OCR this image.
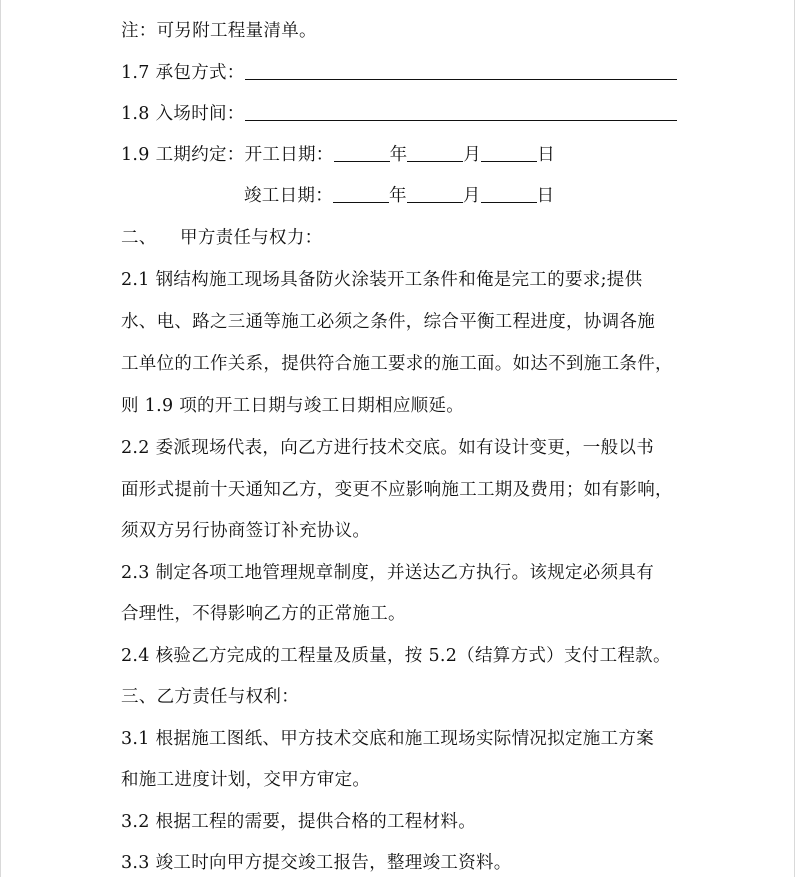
注：可另附工程量清单。
1.7 承包方式：
1.8 入场时间：
1.9 工期约定：开工日期：	年	月	日
竣工日期：	年	月	日
二、    甲方责任与权力：
2.1 钢结构施工现场具备防火涂装开工条件和俺是完工的要求;提供
水、电、路之三通等施工必须之条件，综合平衡工程进度，协调各施
工单位的工作关系，提供符合施工要求的施工面。如达不到施工条件，
则 1.9 项的开工日期与竣工日期相应顺延。
2.2 委派现场代表，向乙方进行技术交底。如有设计变更，一般以书
面形式提前十天通知乙方，变更不应影响施工工期及费用；如有影响，
须双方另行协商签订补充协议。
2.3 制定各项工地管理规章制度，并送达乙方执行。该规定必须具有
合理性，不得影响乙方的正常施工。
2.4 核验乙方完成的工程量及质量，按 5.2（结算方式）支付工程款。
三、乙方责任与权利：
3.1 根据施工图纸、甲方技术交底和施工现场实际情况拟定施工方案
和施工进度计划，交甲方审定。
3.2 根据工程的需要，提供合格的工程材料。
3.3 竣工时向甲方提交竣工报告，整理竣工资料。
